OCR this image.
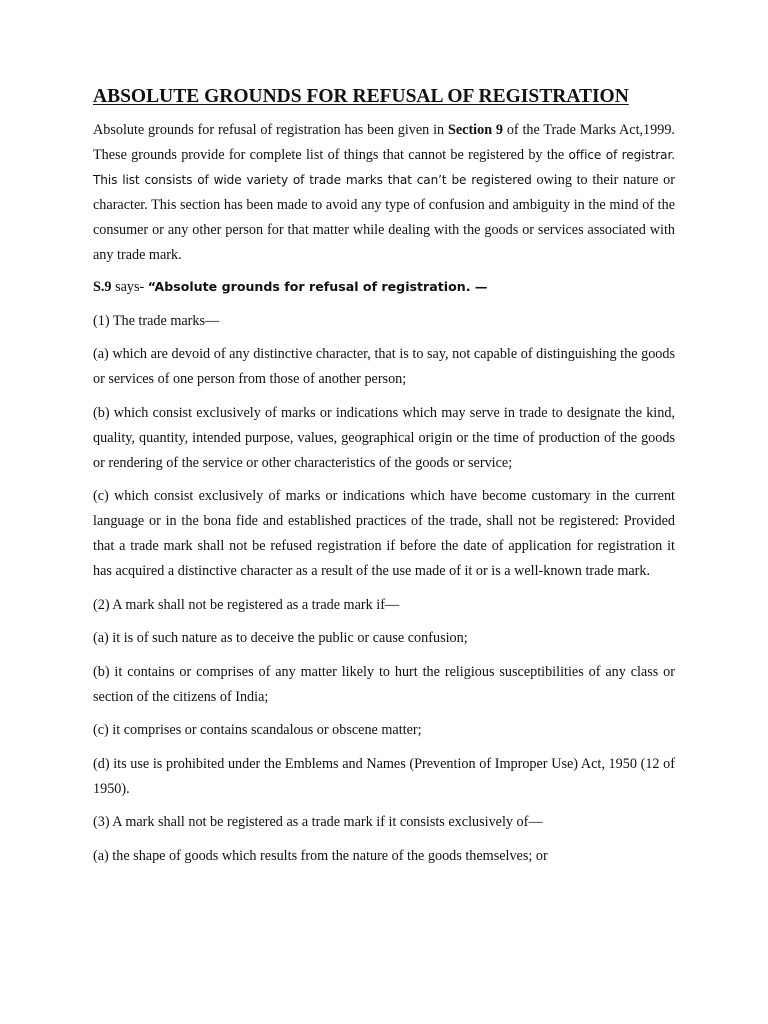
ABSOLUTE GROUNDS FOR REFUSAL OF REGISTRATION

Absolute grounds for refusal of registration has been given in Section 9 of the Trade Marks Act,1999. These grounds provide for complete list of things that cannot be registered by the office of registrar. This list consists of wide variety of trade marks that can’t be registered owing to their nature or character. This section has been made to avoid any type of confusion and ambiguity in the mind of the consumer or any other person for that matter while dealing with the goods or services associated with any trade mark.

S.9 says- “Absolute grounds for refusal of registration. —

(1) The trade marks—

(a) which are devoid of any distinctive character, that is to say, not capable of distinguishing the goods or services of one person from those of another person;

(b) which consist exclusively of marks or indications which may serve in trade to designate the kind, quality, quantity, intended purpose, values, geographical origin or the time of production of the goods or rendering of the service or other characteristics of the goods or service;

(c) which consist exclusively of marks or indications which have become customary in the current language or in the bona fide and established practices of the trade, shall not be registered: Provided that a trade mark shall not be refused registration if before the date of application for registration it has acquired a distinctive character as a result of the use made of it or is a well-known trade mark.

(2) A mark shall not be registered as a trade mark if—

(a) it is of such nature as to deceive the public or cause confusion;

(b) it contains or comprises of any matter likely to hurt the religious susceptibilities of any class or section of the citizens of India;

(c) it comprises or contains scandalous or obscene matter;

(d) its use is prohibited under the Emblems and Names (Prevention of Improper Use) Act, 1950 (12 of 1950).

(3) A mark shall not be registered as a trade mark if it consists exclusively of—

(a) the shape of goods which results from the nature of the goods themselves; or
